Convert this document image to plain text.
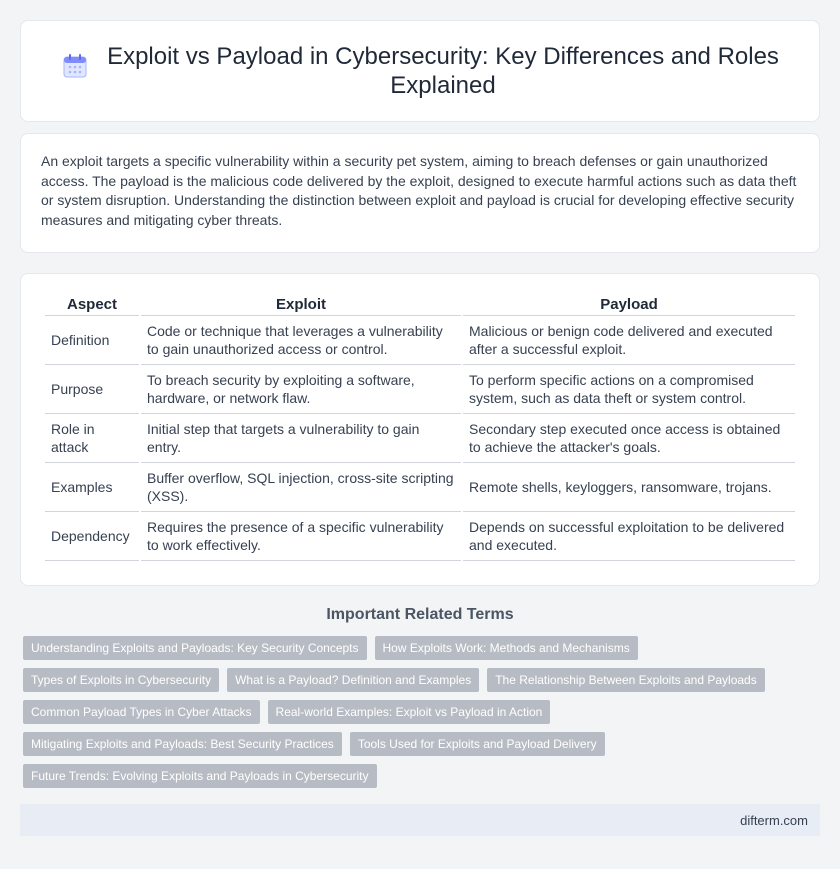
Exploit vs Payload in Cybersecurity: Key Differences and Roles Explained

An exploit targets a specific vulnerability within a security pet system, aiming to breach defenses or gain unauthorized access. The payload is the malicious code delivered by the exploit, designed to execute harmful actions such as data theft or system disruption. Understanding the distinction between exploit and payload is crucial for developing effective security measures and mitigating cyber threats.

Aspect	Exploit	Payload
Definition	Code or technique that leverages a vulnerability to gain unauthorized access or control.	Malicious or benign code delivered and executed after a successful exploit.
Purpose	To breach security by exploiting a software, hardware, or network flaw.	To perform specific actions on a compromised system, such as data theft or system control.
Role in attack	Initial step that targets a vulnerability to gain entry.	Secondary step executed once access is obtained to achieve the attacker's goals.
Examples	Buffer overflow, SQL injection, cross-site scripting (XSS).	Remote shells, keyloggers, ransomware, trojans.
Dependency	Requires the presence of a specific vulnerability to work effectively.	Depends on successful exploitation to be delivered and executed.
Important Related Terms
Understanding Exploits and Payloads: Key Security Concepts	How Exploits Work: Methods and Mechanisms
Types of Exploits in Cybersecurity	What is a Payload? Definition and Examples	The Relationship Between Exploits and Payloads
Common Payload Types in Cyber Attacks	Real-world Examples: Exploit vs Payload in Action
Mitigating Exploits and Payloads: Best Security Practices	Tools Used for Exploits and Payload Delivery
Future Trends: Evolving Exploits and Payloads in Cybersecurity
difterm.com
